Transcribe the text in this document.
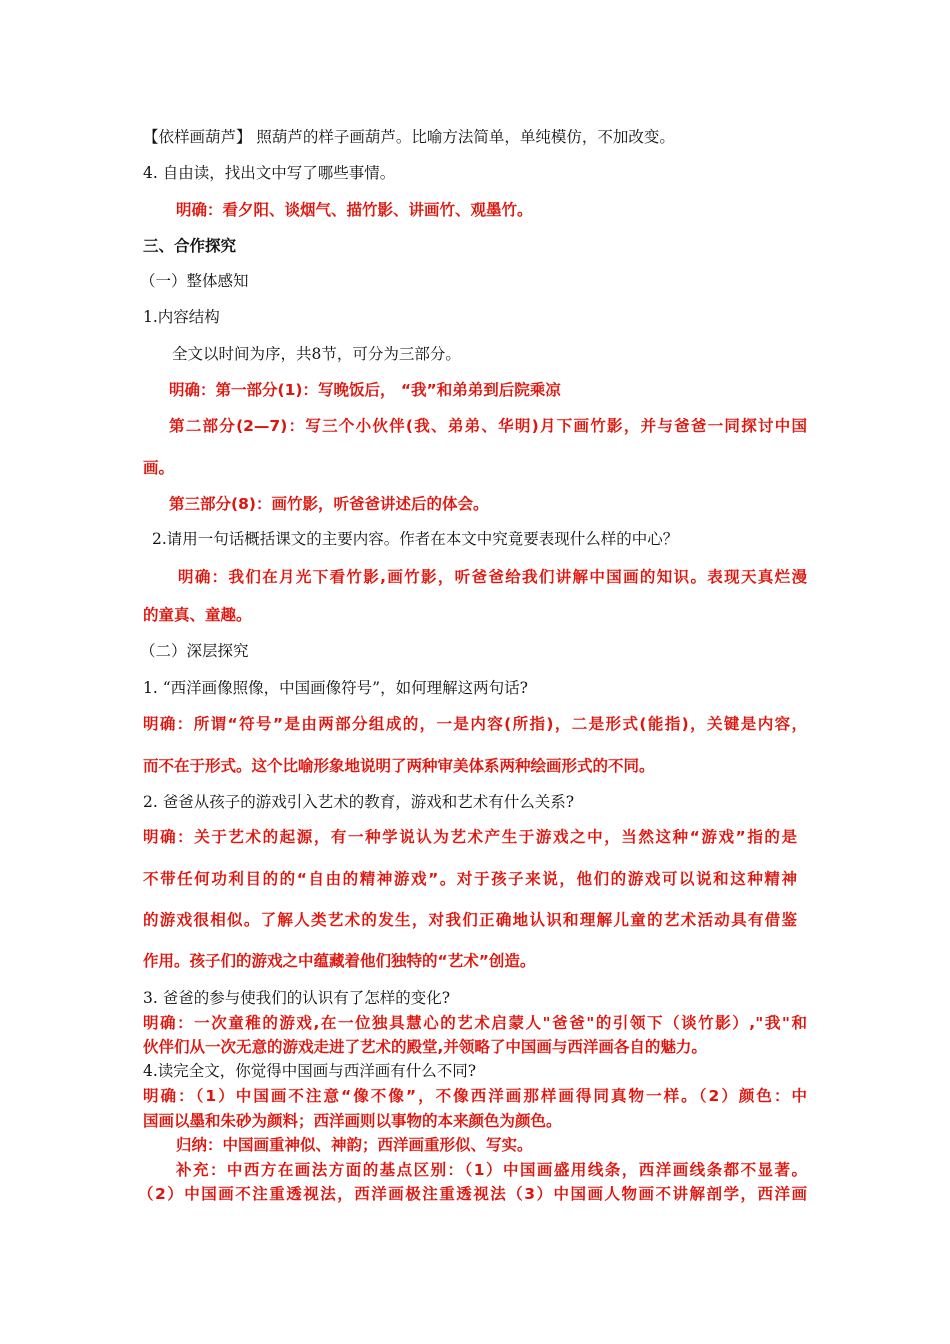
【依样画葫芦】 照葫芦的样子画葫芦。比喻方法简单，单纯模仿，不加改变。
4. 自由读，找出文中写了哪些事情。
明确：看夕阳、谈烟气、描竹影、讲画竹、观墨竹。
三、合作探究
（一）整体感知
1.内容结构
全文以时间为序，共8节，可分为三部分。
明确：第一部分(1)：写晚饭后， “我”和弟弟到后院乘凉
第二部分(2—7)：写三个小伙伴(我、弟弟、华明)月下画竹影，并与爸爸一同探讨中国
画。
第三部分(8)：画竹影，听爸爸讲述后的体会。
2.请用一句话概括课文的主要内容。作者在本文中究竟要表现什么样的中心？
明确：我们在月光下看竹影,画竹影，听爸爸给我们讲解中国画的知识。表现天真烂漫
的童真、童趣。
（二）深层探究
1. “西洋画像照像，中国画像符号”，如何理解这两句话?
明确：所谓“符号”是由两部分组成的，一是内容(所指)，二是形式(能指)，关键是内容，
而不在于形式。这个比喻形象地说明了两种审美体系两种绘画形式的不同。
2. 爸爸从孩子的游戏引入艺术的教育，游戏和艺术有什么关系?
明确：关于艺术的起源，有一种学说认为艺术产生于游戏之中，当然这种“游戏”指的是
不带任何功利目的的“自由的精神游戏”。对于孩子来说，他们的游戏可以说和这种精神
的游戏很相似。了解人类艺术的发生，对我们正确地认识和理解儿童的艺术活动具有借鉴
作用。孩子们的游戏之中蕴藏着他们独特的“艺术”创造。
3. 爸爸的参与使我们的认识有了怎样的变化?
明确：一次童稚的游戏,在一位独具慧心的艺术启蒙人"爸爸"的引领下（谈竹影）,"我"和
伙伴们从一次无意的游戏走进了艺术的殿堂,并领略了中国画与西洋画各自的魅力。
4.读完全文，你觉得中国画与西洋画有什么不同?
明确：（1）中国画不注意“像不像”，不像西洋画那样画得同真物一样。（2）颜色：中
国画以墨和朱砂为颜料；西洋画则以事物的本来颜色为颜色。
归纳：中国画重神似、神韵；西洋画重形似、写实。
补充：中西方在画法方面的基点区别：（1）中国画盛用线条，西洋画线条都不显著。
（2）中国画不注重透视法，西洋画极注重透视法（3）中国画人物画不讲解剖学，西洋画
